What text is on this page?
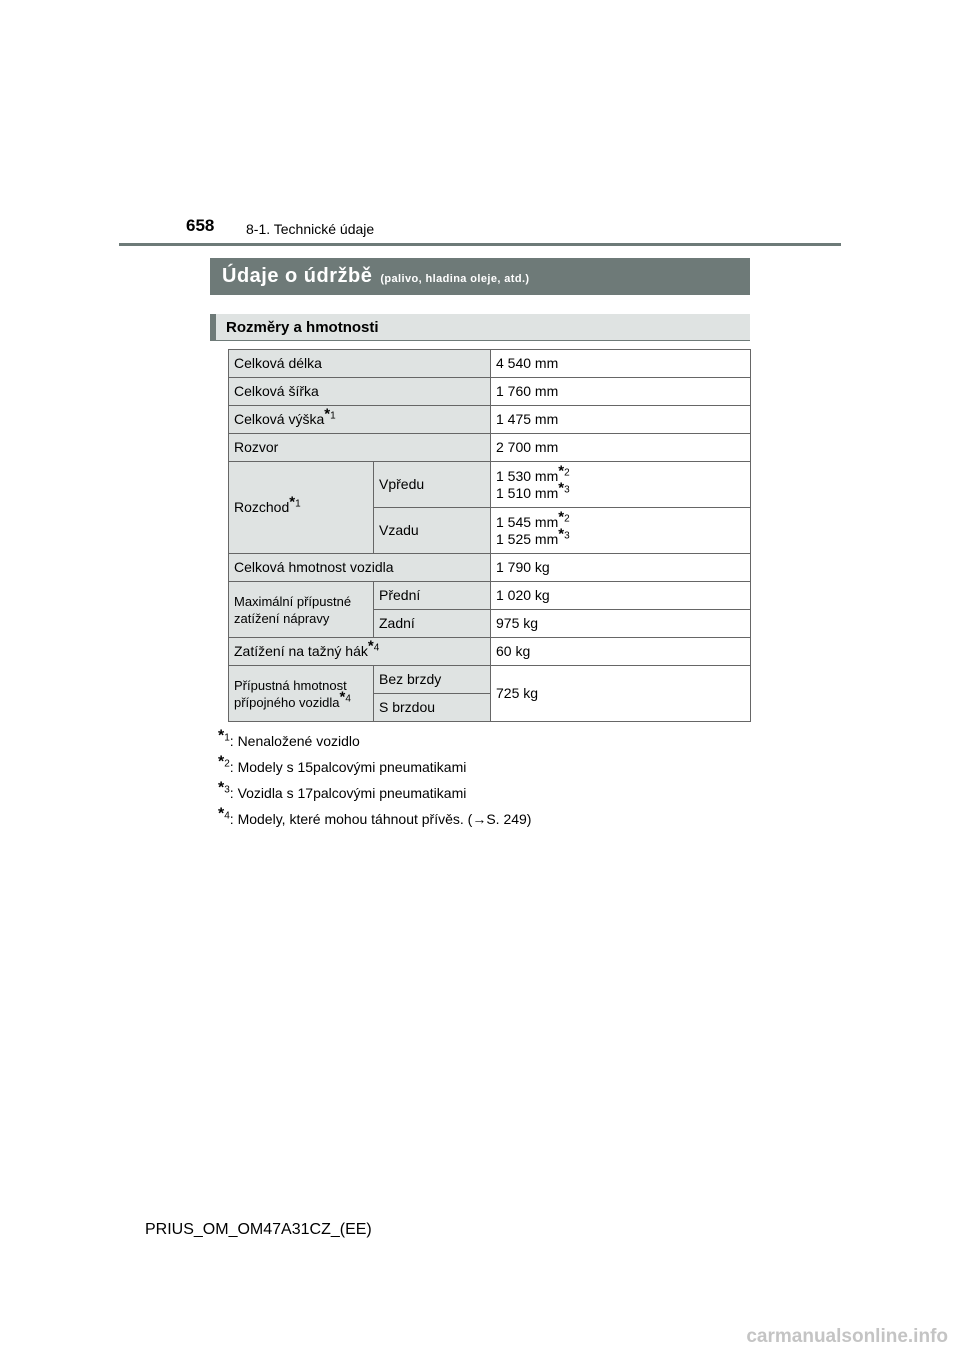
658 8-1. Technické údaje
Údaje o údržbě (palivo, hladina oleje, atd.)
Rozměry a hmotnosti
Celková délka		4 540 mm
Celková šířka		1 760 mm
Celková výška*$^1$		1 475 mm
Rozvor		2 700 mm
Rozchod*$^1$	Vpředu	1 530 mm*$^2$
1 510 mm*$^3$

	Vzadu	1 545 mm*$^2$
1 525 mm*$^3$

Celková hmotnost vozidla		1 790 kg

Maximální přípustné
zatížení nápravy	Přední	1 020 kg
	Zadní	975 kg
Zatížení na tažný hák*$^4$		60 kg

Přípustná hmotnost
přípojného vozidla*$^4$	Bez brzdy	725 kg
	S brzdou	
*$^1$: Nenaložené vozidlo
*$^2$: Modely s 15palcovými pneumatikami
*$^3$: Vozidla s 17palcovými pneumatikami
*$^4$: Modely, které mohou táhnout přívěs. (→S. 249)
PRIUS_OM_OM47A31CZ_(EE)
carmanualsonline.info
